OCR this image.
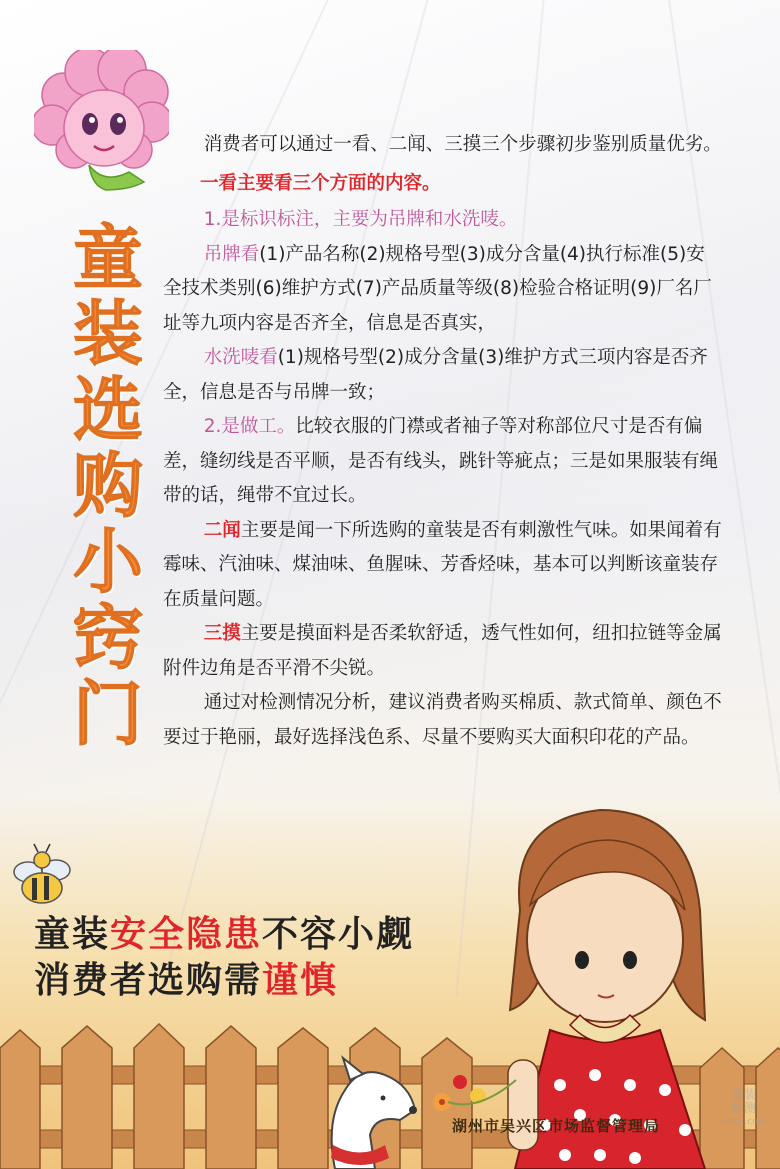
童
装
选
购
小
窍
门

消费者可以通过一看、二闻、三摸三个步骤初步鉴别质量优劣。

一看主要看三个方面的内容。

1.是标识标注，主要为吊牌和水洗唛。

吊牌看(1)产品名称(2)规格号型(3)成分含量(4)执行标准(5)安全技术类别(6)维护方式(7)产品质量等级(8)检验合格证明(9)厂名厂址等九项内容是否齐全，信息是否真实，

水洗唛看(1)规格号型(2)成分含量(3)维护方式三项内容是否齐全，信息是否与吊牌一致；

2.是做工。比较衣服的门襟或者袖子等对称部位尺寸是否有偏差，缝纫线是否平顺，是否有线头，跳针等疵点；三是如果服装有绳带的话，绳带不宜过长。

二闻主要是闻一下所选购的童装是否有刺激性气味。如果闻着有霉味、汽油味、煤油味、鱼腥味、芳香烃味，基本可以判断该童装存在质量问题。

三摸主要是摸面料是否柔软舒适，透气性如何，纽扣拉链等金属附件边角是否平滑不尖锐。

通过对检测情况分析，建议消费者购买棉质、款式简单、颜色不要过于艳丽，最好选择浅色系、尽量不要购买大面积印花的产品。

童装安全隐患不容小觑
消费者选购需谨慎
湖州市吴兴区市场监督管理局
童装
检测
zitzjc.com
